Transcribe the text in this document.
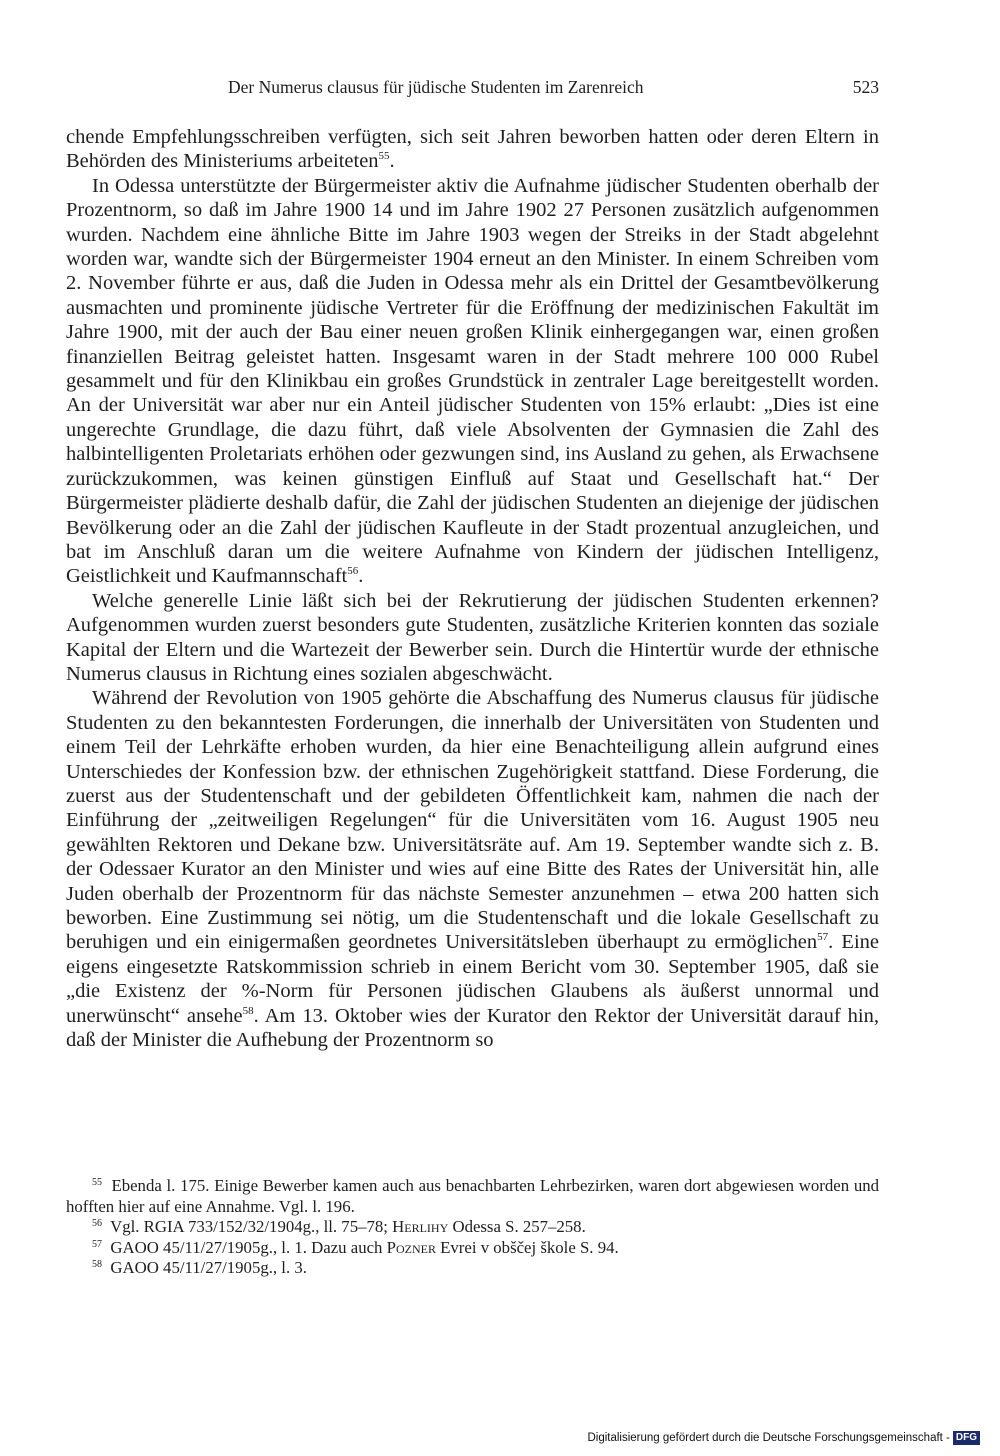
Der Numerus clausus für jüdische Studenten im Zarenreich	523

chende Empfehlungsschreiben verfügten, sich seit Jahren beworben hatten oder deren Eltern in Behörden des Ministeriums arbeiteten$^{55}$.

In Odessa unterstützte der Bürgermeister aktiv die Aufnahme jüdischer Studenten oberhalb der Prozentnorm, so daß im Jahre 1900 14 und im Jahre 1902 27 Personen zusätzlich aufgenommen wurden. Nachdem eine ähnliche Bitte im Jahre 1903 wegen der Streiks in der Stadt abgelehnt worden war, wandte sich der Bürgermeister 1904 erneut an den Minister. In einem Schreiben vom 2. November führte er aus, daß die Juden in Odessa mehr als ein Drittel der Gesamtbevölkerung ausmachten und prominente jüdische Vertreter für die Eröffnung der medizinischen Fakultät im Jahre 1900, mit der auch der Bau einer neuen großen Klinik einhergegangen war, einen großen finanziellen Beitrag geleistet hatten. Insgesamt waren in der Stadt mehrere 100 000 Rubel gesammelt und für den Klinikbau ein großes Grundstück in zentraler Lage bereitgestellt worden. An der Universität war aber nur ein Anteil jüdischer Studenten von 15% erlaubt: „Dies ist eine ungerechte Grundlage, die dazu führt, daß viele Absolventen der Gymnasien die Zahl des halbintelligenten Proletariats erhöhen oder gezwungen sind, ins Ausland zu gehen, als Erwachsene zurückzukommen, was keinen günstigen Einfluß auf Staat und Gesellschaft hat.“ Der Bürgermeister plädierte deshalb dafür, die Zahl der jüdischen Studenten an diejenige der jüdischen Bevölkerung oder an die Zahl der jüdischen Kaufleute in der Stadt prozentual anzugleichen, und bat im Anschluß daran um die weitere Aufnahme von Kindern der jüdischen Intelligenz, Geistlichkeit und Kaufmannschaft$^{56}$.

Welche generelle Linie läßt sich bei der Rekrutierung der jüdischen Studenten erkennen? Aufgenommen wurden zuerst besonders gute Studenten, zusätzliche Kriterien konnten das soziale Kapital der Eltern und die Wartezeit der Bewerber sein. Durch die Hintertür wurde der ethnische Numerus clausus in Richtung eines sozialen abgeschwächt.

Während der Revolution von 1905 gehörte die Abschaffung des Numerus clausus für jüdische Studenten zu den bekanntesten Forderungen, die innerhalb der Universitäten von Studenten und einem Teil der Lehrkäfte erhoben wurden, da hier eine Benachteiligung allein aufgrund eines Unterschiedes der Konfession bzw. der ethnischen Zugehörigkeit stattfand. Diese Forderung, die zuerst aus der Studentenschaft und der gebildeten Öffentlichkeit kam, nahmen die nach der Einführung der „zeitweiligen Regelungen“ für die Universitäten vom 16. August 1905 neu gewählten Rektoren und Dekane bzw. Universitätsräte auf. Am 19. September wandte sich z. B. der Odessaer Kurator an den Minister und wies auf eine Bitte des Rates der Universität hin, alle Juden oberhalb der Prozentnorm für das nächste Semester anzunehmen – etwa 200 hatten sich beworben. Eine Zustimmung sei nötig, um die Studentenschaft und die lokale Gesellschaft zu beruhigen und ein einigermaßen geordnetes Universitätsleben überhaupt zu ermöglichen$^{57}$. Eine eigens eingesetzte Ratskommission schrieb in einem Bericht vom 30. September 1905, daß sie „die Existenz der %-Norm für Personen jüdischen Glaubens als äußerst unnormal und unerwünscht“ ansehe$^{58}$. Am 13. Oktober wies der Kurator den Rektor der Universität darauf hin, daß der Minister die Aufhebung der Prozentnorm so

$^{55}$ Ebenda l. 175. Einige Bewerber kamen auch aus benachbarten Lehrbezirken, waren dort abgewiesen worden und hofften hier auf eine Annahme. Vgl. l. 196.

$^{56}$ Vgl. RGIA 733/152/32/1904g., ll. 75–78; Herlihy Odessa S. 257–258.

$^{57}$ GAOO 45/11/27/1905g., l. 1. Dazu auch Pozner Evrei v obščej škole S. 94.

$^{58}$ GAOO 45/11/27/1905g., l. 3.

Digitalisierung gefördert durch die Deutsche Forschungsgemeinschaft - DFG
